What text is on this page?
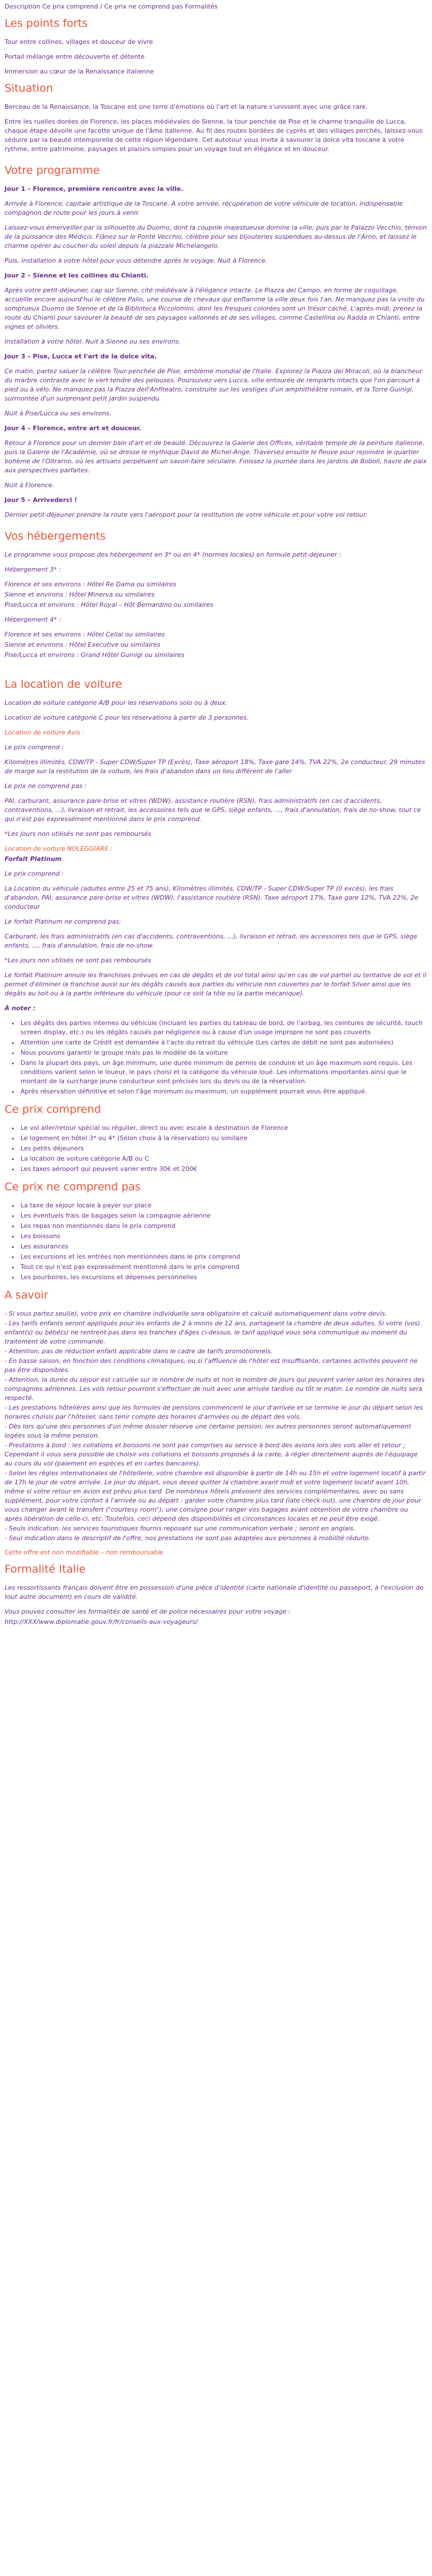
Description Ce prix comprend / Ce prix ne comprend pas Formalités
Les points forts

Tour entre collines, villages et douceur de vivre

Portail mélange entre découverte et détente

Immersion au cœur de la Renaissance italienne

Situation

Berceau de la Renaissance, la Toscane est une terre d'émotions où l'art et la nature s'unissent avec une grâce rare.

Entre les ruelles dorées de Florence, les places médiévales de Sienne, la tour penchée de Pise et le charme tranquille de Lucca, chaque étape dévoile une facette unique de l'âme italienne. Au fil des routes bordées de cyprès et des villages perchés, laissez-vous séduire par la beauté intemporelle de cette région légendaire. Cet autotour vous invite à savourer la dolce vita toscane à votre rythme, entre patrimoine, paysages et plaisirs simples pour un voyage tout en élégance et en douceur.

Votre programme
Jour 1 – Florence, première rencontre avec la ville.

Arrivée à Florence, capitale artistique de la Toscane. À votre arrivée, récupération de votre véhicule de location, indispensable compagnon de route pour les jours à venir.

Laissez-vous émerveiller par la silhouette du Duomo, dont la coupole majestueuse domine la ville, puis par le Palazzo Vecchio, témoin de la puissance des Médicis. Flânez sur le Ponte Vecchio, célèbre pour ses bijouteries suspendues au-dessus de l'Arno, et laissez le charme opérer au coucher du soleil depuis la piazzale Michelangelo.

Puis, installation à votre hôtel pour vous détendre après le voyage. Nuit à Florence.

Jour 2 – Sienne et les collines du Chianti.

Après votre petit-déjeuner, cap sur Sienne, cité médiévale à l'élégance intacte. Le Piazza del Campo, en forme de coquillage, accueille encore aujourd'hui le célèbre Palio, une course de chevaux qui enflamme la ville deux fois l'an. Ne manquez pas la visite du somptueux Duomo de Sienne et de la Biblioteca Piccolomini, dont les fresques colorées sont un trésor caché. L'après-midi, prenez la route du Chianti pour savourer la beauté de ses paysages vallonnés et de ses villages, comme Castellina ou Radda in Chianti, entre vignes et oliviers.

Installation à votre hôtel. Nuit à Sienne ou ses environs.

Jour 3 – Pise, Lucca et l'art de la dolce vita.

Ce matin, partez saluer la célèbre Tour penchée de Pise, emblème mondial de l'Italie. Explorez la Piazza dei Miracoli, où la blancheur du marbre contraste avec le vert tendre des pelouses. Poursuivez vers Lucca, ville entourée de remparts intacts que l'on parcourt à pied ou à vélo. Ne manquez pas la Piazza dell'Anfiteatro, construite sur les vestiges d'un amphithéâtre romain, et la Torre Guinigi, surmontée d'un surprenant petit jardin suspendu.

Nuit à Pise/Lucca ou ses environs.

Jour 4 – Florence, entre art et douceur.

Retour à Florence pour un dernier bain d'art et de beauté. Découvrez la Galerie des Offices, véritable temple de la peinture italienne, puis la Galerie de l'Académie, où se dresse le mythique David de Michel-Ange. Traversez ensuite le fleuve pour rejoindre le quartier bohème de l'Oltrarno, où les artisans perpétuent un savoir-faire séculaire. Finissez la journée dans les jardins de Boboli, havre de paix aux perspectives parfaites.

Nuit à Florence.

Jour 5 – Arrivederci !

Dernier petit-déjeuner prendre la route vers l'aéroport pour la restitution de votre véhicule et pour votre vol retour.

Vos hébergements

Le programme vous propose des hébergement en 3* ou en 4* (normes locales) en formule petit-déjeuner :

Hébergement 3* :

Florence et ses environs : Hôtel Re Dama ou similaires
Sienne et environs : Hôtel Minerva ou similaires
Pise/Lucca et environs : Hôtel Royal – Hôt Bernardino ou similaires

Hébergement 4* :

Florence et ses environs : Hôtel Cellai ou similaires
Sienne et environs : Hôtel Executive ou similaires
Pise/Lucca et environs : Grand Hôtel Guinigi ou similaires
La location de voiture

Location de voiture catégorie A/B pour les réservations solo ou à deux.

Location de voiture catégorie C pour les réservations à partir de 3 personnes.

Location de voiture Avis :

Le prix comprend :

Kilomètres illimités, CDW/TP - Super CDW/Super TP (Excès), Taxe aéroport 18%, Taxe gare 14%, TVA 22%, 2e conducteur, 29 minutes de marge sur la restitution de la voiture, les frais d'abandon dans un lieu différent de l'aller

Le prix ne comprend pas :

PAI, carburant, assurance pare-brise et vitres (WDW), assistance routière (RSN), frais administratifs (en cas d'accidents, contraventions, ...), livraison et retrait, les accessoires tels que le GPS, siège enfants, ..., frais d'annulation, frais de no-show, tout ce qui n'est pas expressément mentionné dans le prix comprend.

*Les jours non utilisés ne sont pas remboursés

Location de voiture NOLEGGIARE :

Forfait Platinum

Le prix comprend :

La Location du véhicule (adultes entre 25 et 75 ans), Kilomètres illimités, CDW/TP - Super CDW/Super TP (0 excès), les frais d'abandon, PAI, assurance pare-brise et vitres (WDW), l'assistance routière (RSN), Taxe aéroport 17%, Taxe gare 12%, TVA 22%, 2e conducteur

Le forfait Platinum ne comprend pas:

Carburant, les frais administratifs (en cas d'accidents, contraventions, ...), livraison et retrait, les accessoires tels que le GPS, siège enfants, ..., frais d'annulation, frais de no-show.

*Les jours non utilisés ne sont pas remboursés

Le forfait Platinum annule les franchises prévues en cas de dégâts et de vol total ainsi qu'en cas de vol partiel ou tentative de vol et il permet d'éliminer la franchise aussi sur les dégâts causés aux parties du véhicule non couvertes par le forfait Silver ainsi que les dégâts au toit ou à la partie inférieure du véhicule (pour ce soit la tôle ou la partie mécanique).

À noter :

• Les dégâts des parties internes du véhicule (incluant les parties du tableau de bord, de l'airbag, les ceintures de sécurité, touch screen display, etc.) ou les dégâts causés par négligence ou à cause d'un usage impropre ne sont pas couverts
• Attention une carte de Crédit est demandée à l'acte du retrait du véhicule (Les cartes de débit ne sont pas autorisées)
• Nous pouvons garantir le groupe mais pas le modèle de la voiture
• Dans la plupart des pays, un âge minimum, une durée minimum de permis de conduire et un âge maximum sont requis. Les conditions varient selon le loueur, le pays choisi et la catégorie du véhicule loué. Les informations importantes ainsi que le montant de la surcharge jeune conducteur sont précisés lors du devis ou de la réservation.
• Après réservation définitive et selon l'âge minimum ou maximum, un supplément pourrait vous être appliqué.
Ce prix comprend
• Le vol aller/retour spécial ou régulier, direct ou avec escale à destination de Florence
• Le logement en hôtel 3* ou 4* (Selon choix à la réservation) ou similaire
• Les petits déjeuners
• La location de voiture catégorie A/B ou C
• Les taxes aéroport qui peuvent varier entre 30€ et 200€
Ce prix ne comprend pas
• La taxe de séjour locale à payer sur place
• Les éventuels frais de bagages selon la compagnie aérienne
• Les repas non mentionnés dans le prix comprend
• Les boissons
• Les assurances
• Les excursions et les entrées non mentionnées dans le prix comprend
• Tout ce qui n'est pas expressément mentionné dans le prix comprend
• Les pourboires, les excursions et dépenses personnelles
A savoir
- Si vous partez seul(e), votre prix en chambre individuelle sera obligatoire et calculé automatiquement dans votre devis.
- Les tarifs enfants seront appliqués pour les enfants de 2 à moins de 12 ans, partageant la chambre de deux adultes. Si votre (vos) enfant(s) ou bébé(s) ne rentrent pas dans les tranches d'âges ci-dessus, le tarif appliqué vous sera communiqué au moment du traitement de votre commande.
- Attention, pas de réduction enfant applicable dans le cadre de tarifs promotionnels.
- En basse saison, en fonction des conditions climatiques, ou si l'affluence de l'hôtel est insuffisante, certaines activités peuvent ne pas être disponibles.
- Attention, la durée du séjour est calculée sur le nombre de nuits et non le nombre de jours qui peuvent varier selon les horaires des compagnies aériennes. Les vols retour pourront s'effectuer de nuit avec une arrivée tardive ou tôt le matin. Le nombre de nuits sera respecté.
- Les prestations hôtelières ainsi que les formules de pensions commencent le jour d'arrivée et se termine le jour du départ selon les horaires choisis par l'hôtelier, sans tenir compte des horaires d'arrivées ou de départ des vols.
- Dès lors qu'une des personnes d'un même dossier réserve une certaine pension, les autres personnes seront automatiquement logées sous la même pension.
- Prestations à bord : les collations et boissons ne sont pas comprises au service à bord des avions lors des vols aller et retour ; Cependant il vous sera possible de choisir vos collations et boissons proposés à la carte, à régler directement auprès de l'équipage au cours du vol (paiement en espèces et en cartes bancaires).
- Selon les règles internationales de l'hôtellerie, votre chambre est disponible à partir de 14h ou 15h et votre logement locatif à partir de 17h le jour de votre arrivée. Le jour du départ, vous devez quitter la chambre avant midi et votre logement locatif avant 10h, même si votre retour en avion est prévu plus tard. De nombreux hôtels prévoient des services complémentaires, avec ou sans supplément, pour votre confort à l'arrivée ou au départ : garder votre chambre plus tard (late check-out), une chambre de jour pour vous changer avant le transfert ("courtesy room"), une consigne pour ranger vos bagages avant obtention de votre chambre ou après libération de celle-ci, etc. Toutefois, ceci dépend des disponibilités et circonstances locales et ne peut être exigé.
- Seuls indication, les services touristiques fournis reposant sur une communication verbale ; seront en anglais.
- Seul indication dans le descriptif de l'offre, nos prestations ne sont pas adaptées aux personnes à mobilité réduite.

Cette offre est non modifiable – non remboursable

Formalité Italie

Les ressortissants français doivent être en possession d'une pièce d'identité (carte nationale d'identité ou passeport, à l'exclusion de tout autre document) en cours de validité.

Vous pouvez consulter les formalités de santé et de police nécessaires pour votre voyage :

http://XXX/www.diplomatie.gouv.fr/fr/conseils-aux-voyageurs/
